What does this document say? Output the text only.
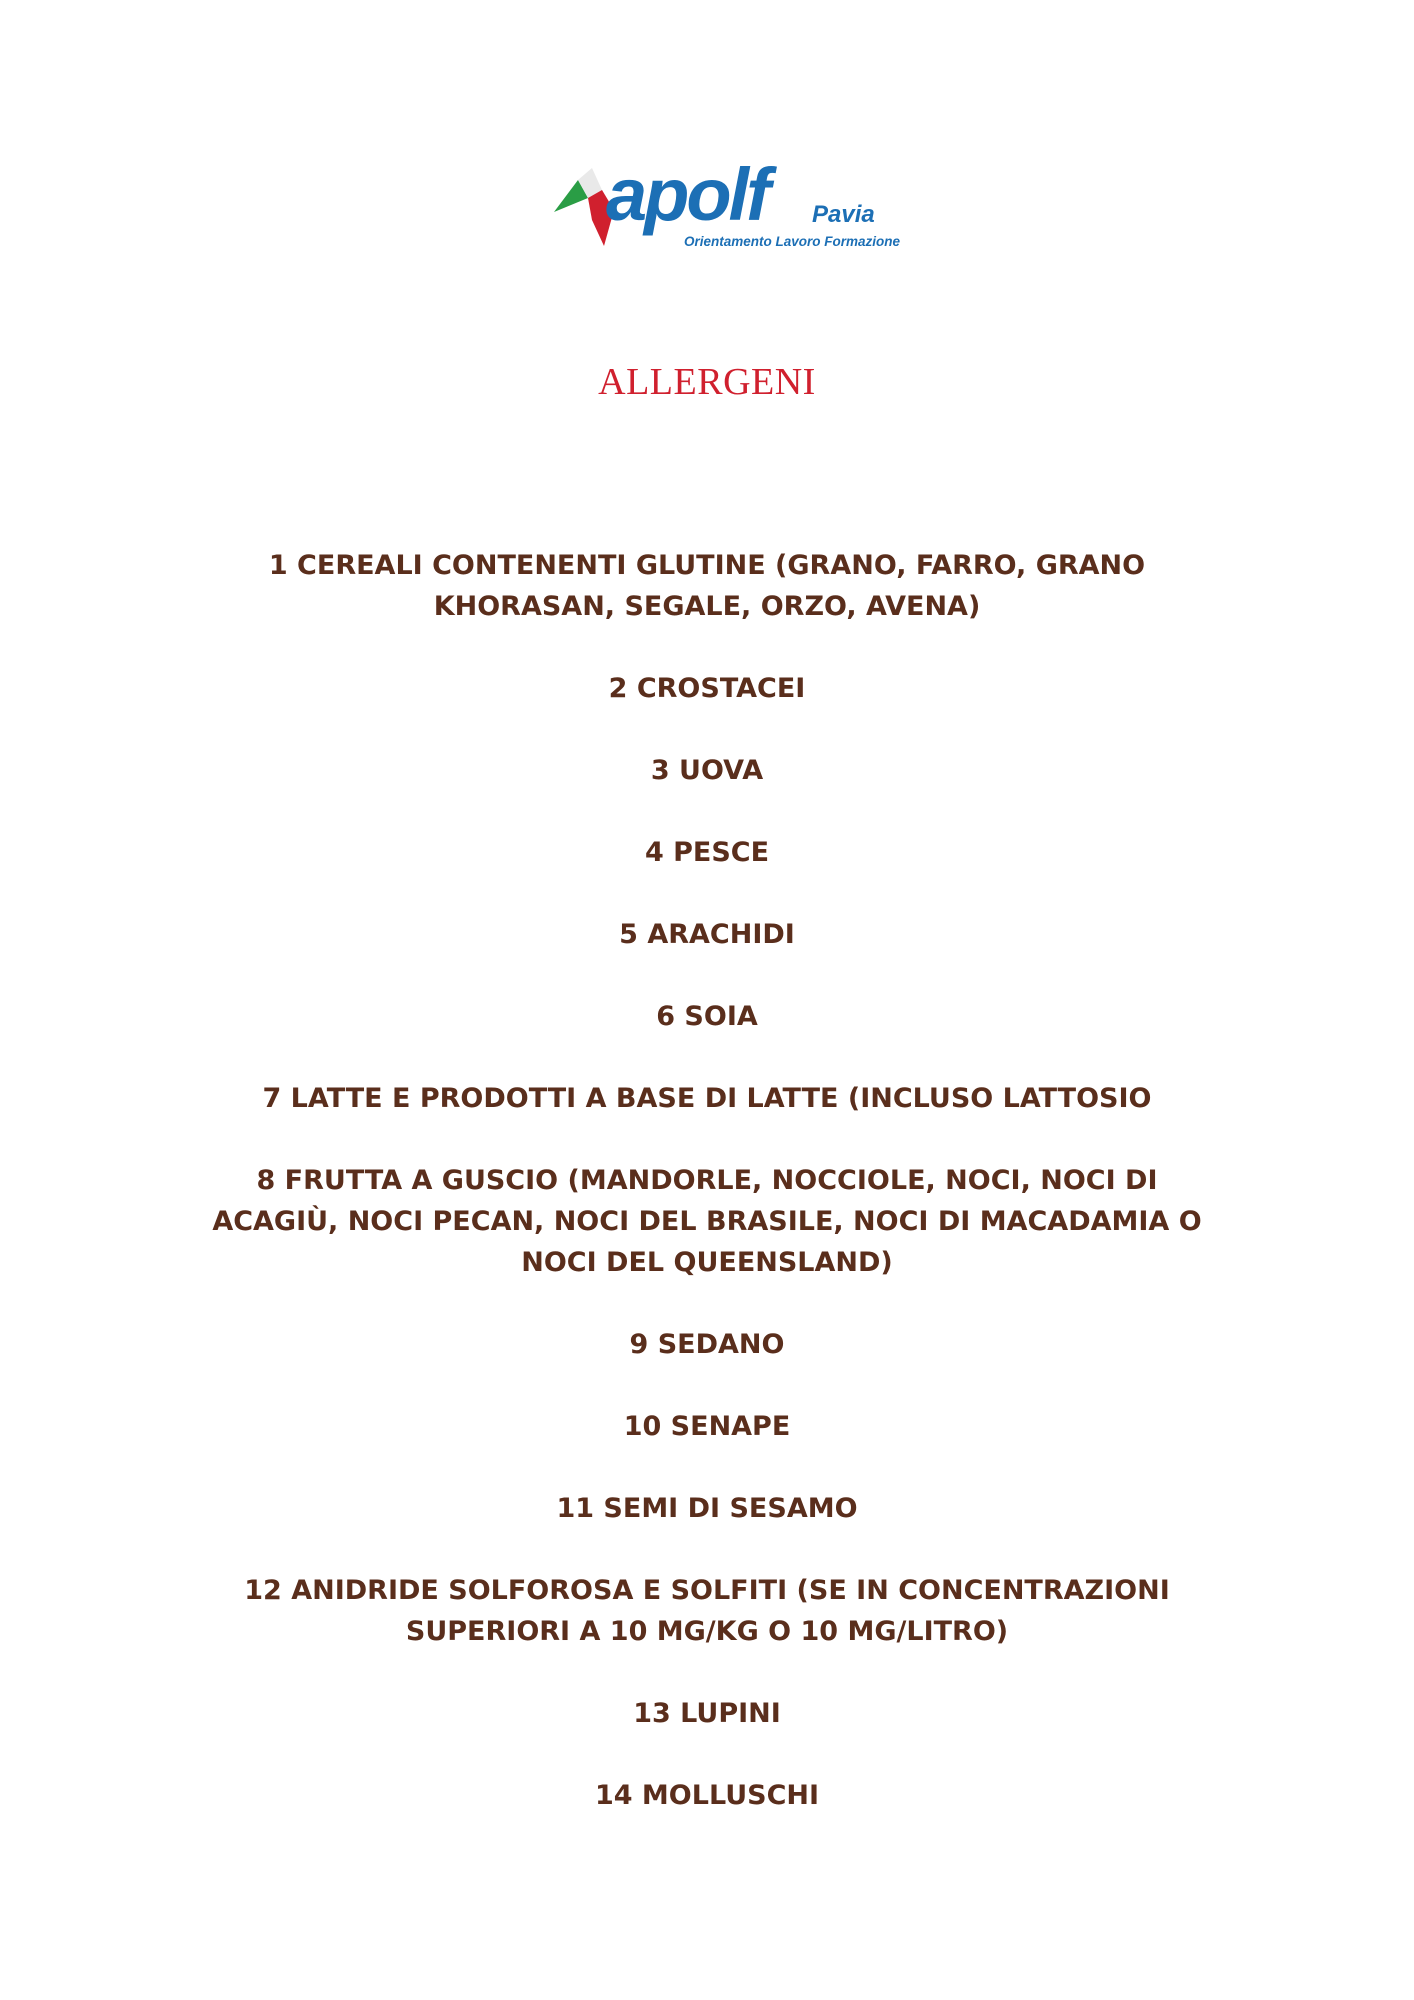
apolf	Pavia
Orientamento Lavoro Formazione
ALLERGENI
1 CEREALI CONTENENTI GLUTINE (GRANO, FARRO, GRANO
KHORASAN, SEGALE, ORZO, AVENA)
2 CROSTACEI
3 UOVA
4 PESCE
5 ARACHIDI
6 SOIA
7 LATTE E PRODOTTI A BASE DI LATTE (INCLUSO LATTOSIO
8 FRUTTA A GUSCIO (MANDORLE, NOCCIOLE, NOCI, NOCI DI
ACAGIÙ, NOCI PECAN, NOCI DEL BRASILE, NOCI DI MACADAMIA O
NOCI DEL QUEENSLAND)
9 SEDANO
10 SENAPE
11 SEMI DI SESAMO
12 ANIDRIDE SOLFOROSA E SOLFITI (SE IN CONCENTRAZIONI
SUPERIORI A 10 MG/KG O 10 MG/LITRO)
13 LUPINI
14 MOLLUSCHI
